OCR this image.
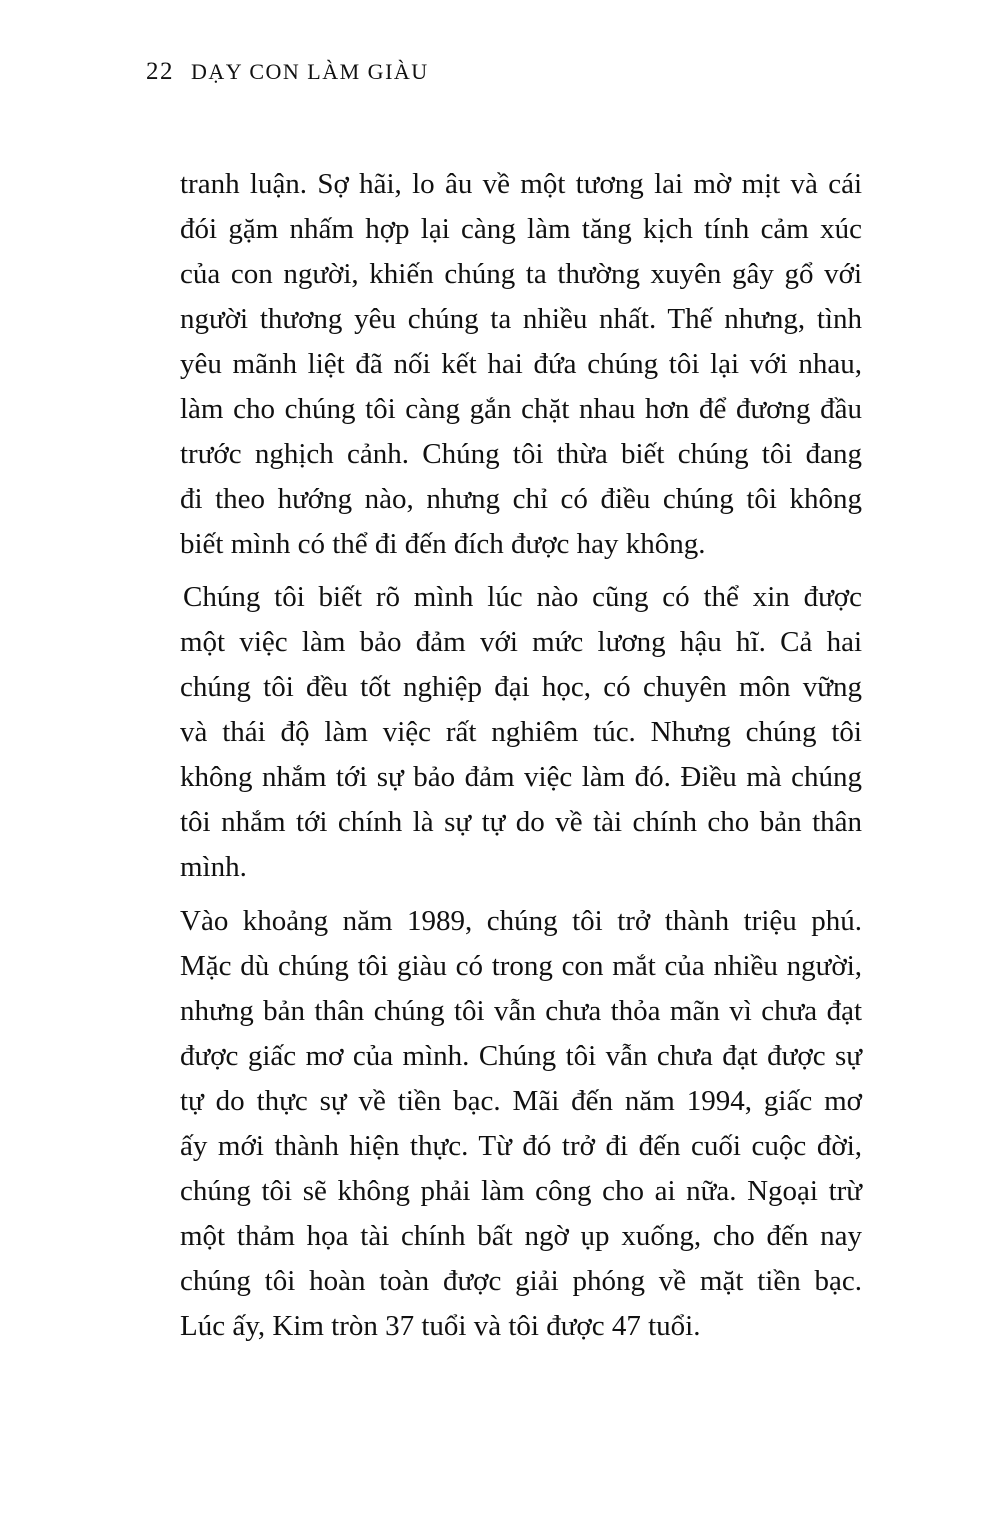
22 DẠY CON LÀM GIÀU
tranh luận. Sợ hãi, lo âu về một tương lai mờ mịt và cái
đói gặm nhấm hợp lại càng làm tăng kịch tính cảm xúc
của con người, khiến chúng ta thường xuyên gây gổ với
người thương yêu chúng ta nhiều nhất. Thế nhưng, tình
yêu mãnh liệt đã nối kết hai đứa chúng tôi lại với nhau,
làm cho chúng tôi càng gắn chặt nhau hơn để đương đầu
trước nghịch cảnh. Chúng tôi thừa biết chúng tôi đang
đi theo hướng nào, nhưng chỉ có điều chúng tôi không
biết mình có thể đi đến đích được hay không.
Chúng tôi biết rõ mình lúc nào cũng có thể xin được
một việc làm bảo đảm với mức lương hậu hĩ. Cả hai
chúng tôi đều tốt nghiệp đại học, có chuyên môn vững
và thái độ làm việc rất nghiêm túc. Nhưng chúng tôi
không nhắm tới sự bảo đảm việc làm đó. Điều mà chúng
tôi nhắm tới chính là sự tự do về tài chính cho bản thân
mình.
Vào khoảng năm 1989, chúng tôi trở thành triệu phú.
Mặc dù chúng tôi giàu có trong con mắt của nhiều người,
nhưng bản thân chúng tôi vẫn chưa thỏa mãn vì chưa đạt
được giấc mơ của mình. Chúng tôi vẫn chưa đạt được sự
tự do thực sự về tiền bạc. Mãi đến năm 1994, giấc mơ
ấy mới thành hiện thực. Từ đó trở đi đến cuối cuộc đời,
chúng tôi sẽ không phải làm công cho ai nữa. Ngoại trừ
một thảm họa tài chính bất ngờ ụp xuống, cho đến nay
chúng tôi hoàn toàn được giải phóng về mặt tiền bạc.
Lúc ấy, Kim tròn 37 tuổi và tôi được 47 tuổi.
